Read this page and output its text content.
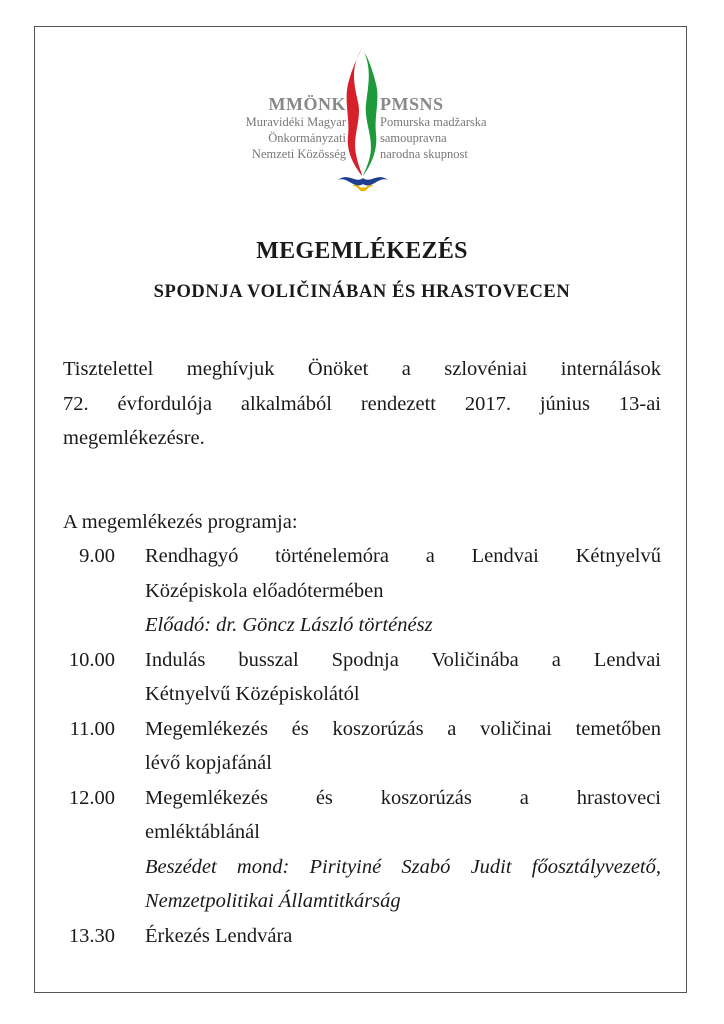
MMÖNK
Muravidéki Magyar
Önkormányzati
Nemzeti Közösség
PMSNS
Pomurska madžarska
samoupravna
narodna skupnost
MEGEMLÉKEZÉS
SPODNJA VOLIČINÁBAN ÉS HRASTOVECEN
Tisztelettel meghívjuk Önöket a szlovéniai internálások
72. évfordulója alkalmából rendezett 2017. június 13-ai
megemlékezésre.
A megemlékezés programja:
9.00 Rendhagyó történelemóra a Lendvai Kétnyelvű
Középiskola előadótermében
Előadó: dr. Göncz László történész
10.00 Indulás busszal Spodnja Voličinába a Lendvai
Kétnyelvű Középiskolától
11.00 Megemlékezés és koszorúzás a voličinai temetőben
lévő kopjafánál
12.00 Megemlékezés és koszorúzás a hrastoveci
emléktáblánál
Beszédet mond: Pirityiné Szabó Judit főosztályvezető,
Nemzetpolitikai Államtitkárság
13.30 Érkezés Lendvára
